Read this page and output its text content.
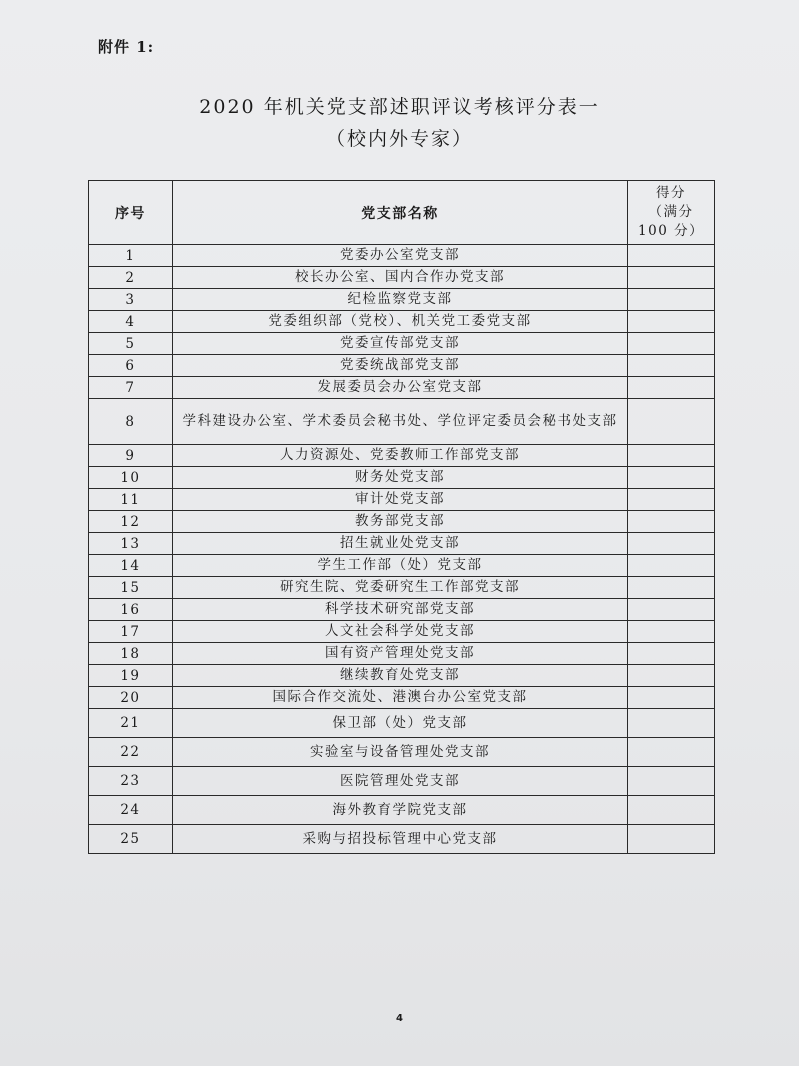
附件 1:
2020 年机关党支部述职评议考核评分表一
（校内外专家）
序号	党支部名称	得分
（满分
100 分）

1	党委办公室党支部	
2	校长办公室、国内合作办党支部	
3	纪检监察党支部	
4	党委组织部（党校）、机关党工委党支部	
5	党委宣传部党支部	
6	党委统战部党支部	
7	发展委员会办公室党支部	
8	学科建设办公室、学术委员会秘书处、学位评定委员会秘书处支部	
9	人力资源处、党委教师工作部党支部	
10	财务处党支部	
11	审计处党支部	
12	教务部党支部	
13	招生就业处党支部	
14	学生工作部（处）党支部	
15	研究生院、党委研究生工作部党支部	
16	科学技术研究部党支部	
17	人文社会科学处党支部	
18	国有资产管理处党支部	
19	继续教育处党支部	
20	国际合作交流处、港澳台办公室党支部	
21	保卫部（处）党支部	
22	实验室与设备管理处党支部	
23	医院管理处党支部	
24	海外教育学院党支部	
25	采购与招投标管理中心党支部	
4
